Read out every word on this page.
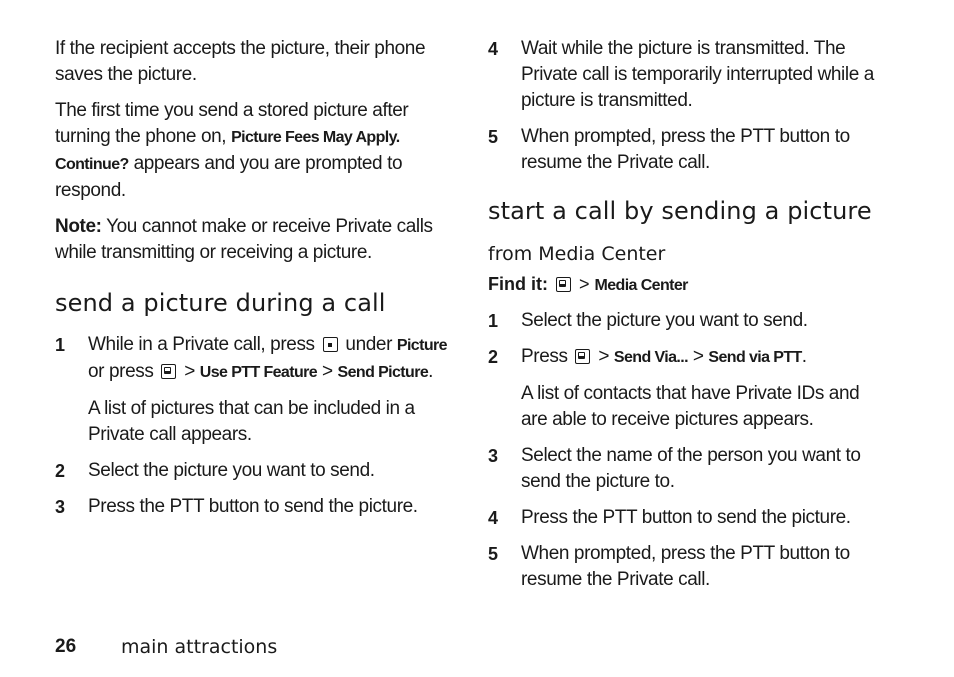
If the recipient accepts the picture, their phone saves the picture.

The first time you send a stored picture after turning the phone on, Picture Fees May Apply. Continue? appears and you are prompted to respond.

Note: You cannot make or receive Private calls while transmitting or receiving a picture.

send a picture during a call
1	While in a Private call, press  under Picture or press  > Use PTT Feature > Send Picture.

A list of pictures that can be included in a Private call appears.

2	Select the picture you want to send.

3	Press the PTT button to send the picture.

4	Wait while the picture is transmitted. The Private call is temporarily interrupted while a picture is transmitted.

5	When prompted, press the PTT button to resume the Private call.

start a call by sending a picture
from Media Center
Find it:  > Media Center
1	Select the picture you want to send.

2	Press  > Send Via... > Send via PTT.

A list of contacts that have Private IDs and are able to receive pictures appears.

3	Select the name of the person you want to send the picture to.

4	Press the PTT button to send the picture.

5	When prompted, press the PTT button to resume the Private call.

26 main attractions
